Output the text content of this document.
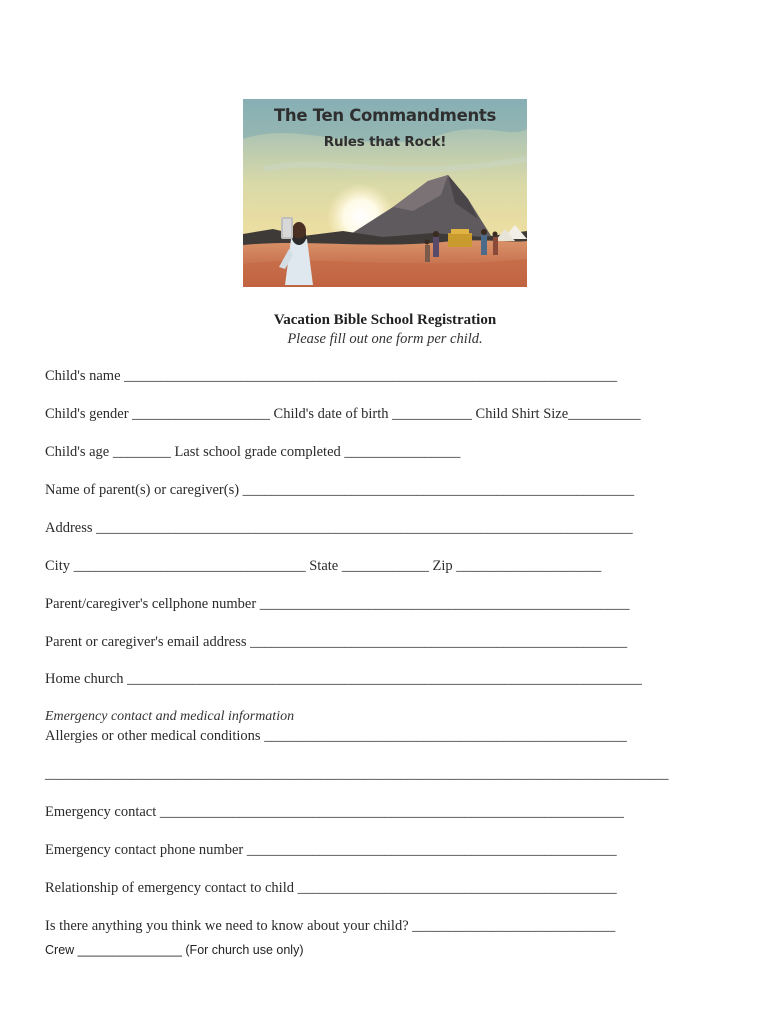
The Ten Commandments
Rules that Rock!
Vacation Bible School Registration
Please fill out one form per child.
Child's name ____________________________________________________________________
Child's gender ___________________ Child's date of birth ___________ Child Shirt Size__________
Child's age ________ Last school grade completed ________________
Name of parent(s) or caregiver(s) ______________________________________________________
Address __________________________________________________________________________
City ________________________________ State ____________ Zip ____________________
Parent/caregiver's cellphone number ___________________________________________________
Parent or caregiver's email address ____________________________________________________
Home church _______________________________________________________________________
Emergency contact and medical information
Allergies or other medical conditions __________________________________________________
______________________________________________________________________________________
Emergency contact ________________________________________________________________
Emergency contact phone number ___________________________________________________
Relationship of emergency contact to child ____________________________________________
Is there anything you think we need to know about your child? ____________________________
Crew _______________ (For church use only)
